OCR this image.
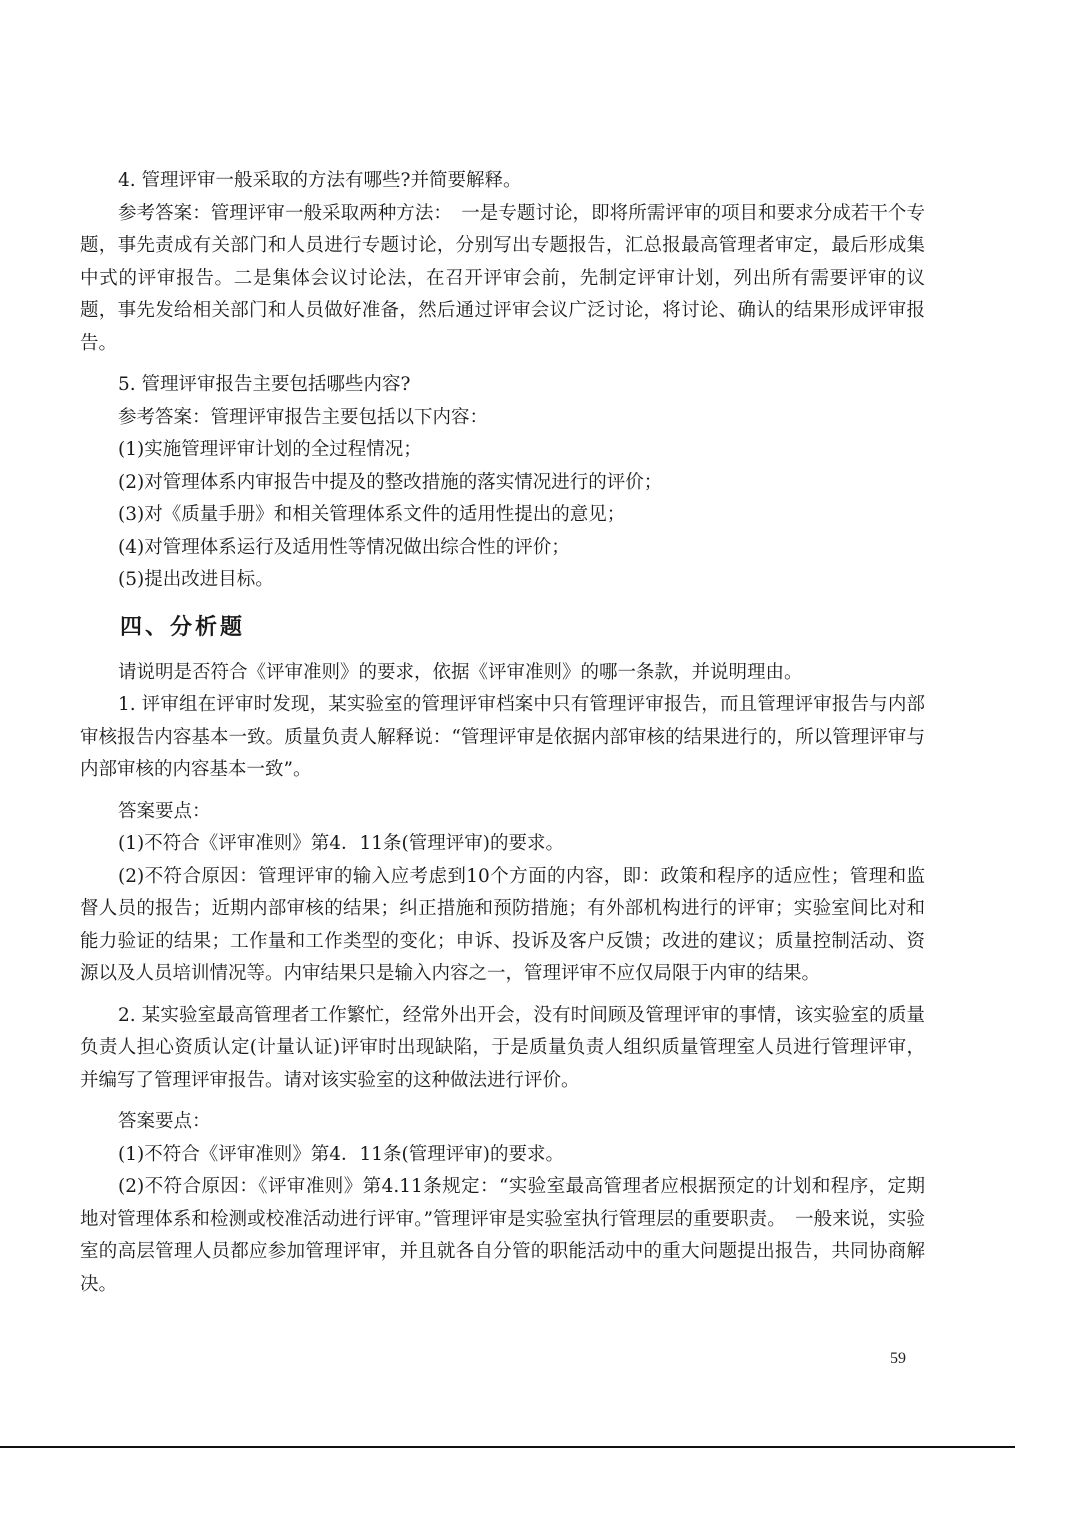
4. 管理评审一般采取的方法有哪些?并简要解释。

参考答案：管理评审一般采取两种方法：　一是专题讨论，即将所需评审的项目和要求分成若干个专题，事先责成有关部门和人员进行专题讨论，分别写出专题报告，汇总报最高管理者审定，最后形成集中式的评审报告。二是集体会议讨论法，在召开评审会前，先制定评审计划，列出所有需要评审的议题，事先发给相关部门和人员做好准备，然后通过评审会议广泛讨论，将讨论、确认的结果形成评审报告。

5. 管理评审报告主要包括哪些内容?

参考答案：管理评审报告主要包括以下内容：

(1)实施管理评审计划的全过程情况；

(2)对管理体系内审报告中提及的整改措施的落实情况进行的评价；

(3)对《质量手册》和相关管理体系文件的适用性提出的意见；

(4)对管理体系运行及适用性等情况做出综合性的评价；

(5)提出改进目标。

四、分析题

请说明是否符合《评审准则》的要求，依据《评审准则》的哪一条款，并说明理由。

1. 评审组在评审时发现，某实验室的管理评审档案中只有管理评审报告，而且管理评审报告与内部审核报告内容基本一致。质量负责人解释说：“管理评审是依据内部审核的结果进行的，所以管理评审与内部审核的内容基本一致”。

答案要点：

(1)不符合《评审准则》第4．11条(管理评审)的要求。

(2)不符合原因：管理评审的输入应考虑到10个方面的内容，即：政策和程序的适应性；管理和监督人员的报告；近期内部审核的结果；纠正措施和预防措施；有外部机构进行的评审；实验室间比对和能力验证的结果；工作量和工作类型的变化；申诉、投诉及客户反馈；改进的建议；质量控制活动、资源以及人员培训情况等。内审结果只是输入内容之一，管理评审不应仅局限于内审的结果。

2. 某实验室最高管理者工作繁忙，经常外出开会，没有时间顾及管理评审的事情，该实验室的质量负责人担心资质认定(计量认证)评审时出现缺陷，于是质量负责人组织质量管理室人员进行管理评审，并编写了管理评审报告。请对该实验室的这种做法进行评价。

答案要点：

(1)不符合《评审准则》第4．11条(管理评审)的要求。

(2)不符合原因：《评审准则》第4.11条规定：“实验室最高管理者应根据预定的计划和程序，定期地对管理体系和检测或校准活动进行评审。”管理评审是实验室执行管理层的重要职责。　一般来说，实验室的高层管理人员都应参加管理评审，并且就各自分管的职能活动中的重大问题提出报告，共同协商解决。

59
